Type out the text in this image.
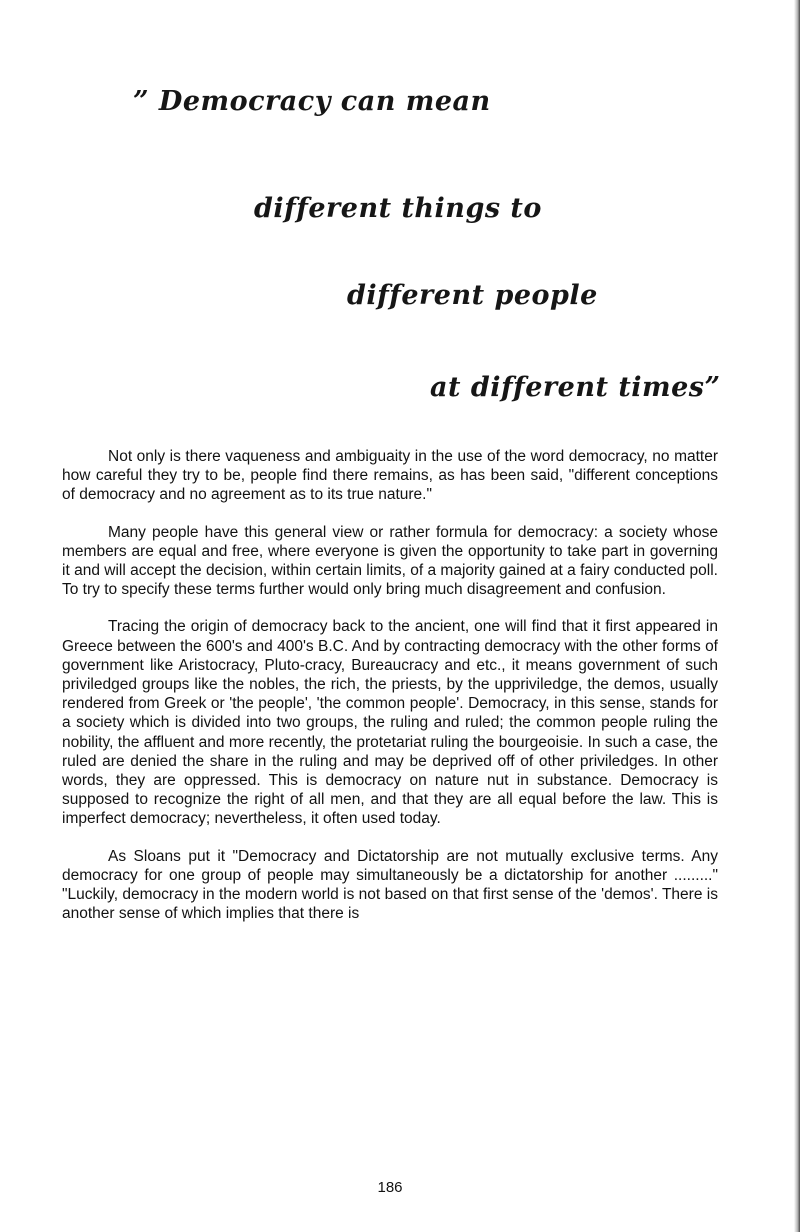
” Democracy can mean
different things to
different people
at different times”

Not only is there vaqueness and ambiguaity in the use of the word democracy, no matter how careful they try to be, people find there remains, as has been said, "different conceptions of democracy and no agreement as to its true nature."

Many people have this general view or rather formula for democracy: a society whose members are equal and free, where everyone is given the opportunity to take part in governing it and will accept the decision, within certain limits, of a majority gained at a fairy conducted poll. To try to specify these terms further would only bring much disagreement and confusion.

Tracing the origin of democracy back to the ancient, one will find that it first appeared in Greece between the 600's and 400's B.C. And by contracting democracy with the other forms of government like Aristocracy, Pluto-cracy, Bureaucracy and etc., it means government of such priviledged groups like the nobles, the rich, the priests, by the uppriviledge, the demos, usually rendered from Greek or 'the people', 'the common people'. Democracy, in this sense, stands for a society which is divided into two groups, the ruling and ruled; the common people ruling the nobility, the affluent and more recently, the protetariat ruling the bourgeoisie. In such a case, the ruled are denied the share in the ruling and may be deprived off of other priviledges. In other words, they are oppressed. This is democracy on nature nut in substance. Democracy is supposed to recognize the right of all men, and that they are all equal before the law. This is imperfect democracy; nevertheless, it often used today.

As Sloans put it "Democracy and Dictatorship are not mutually exclusive terms. Any democracy for one group of people may simultaneously be a dictatorship for another ........." "Luckily, democracy in the modern world is not based on that first sense of the 'demos'. There is another sense of which implies that there is

186
